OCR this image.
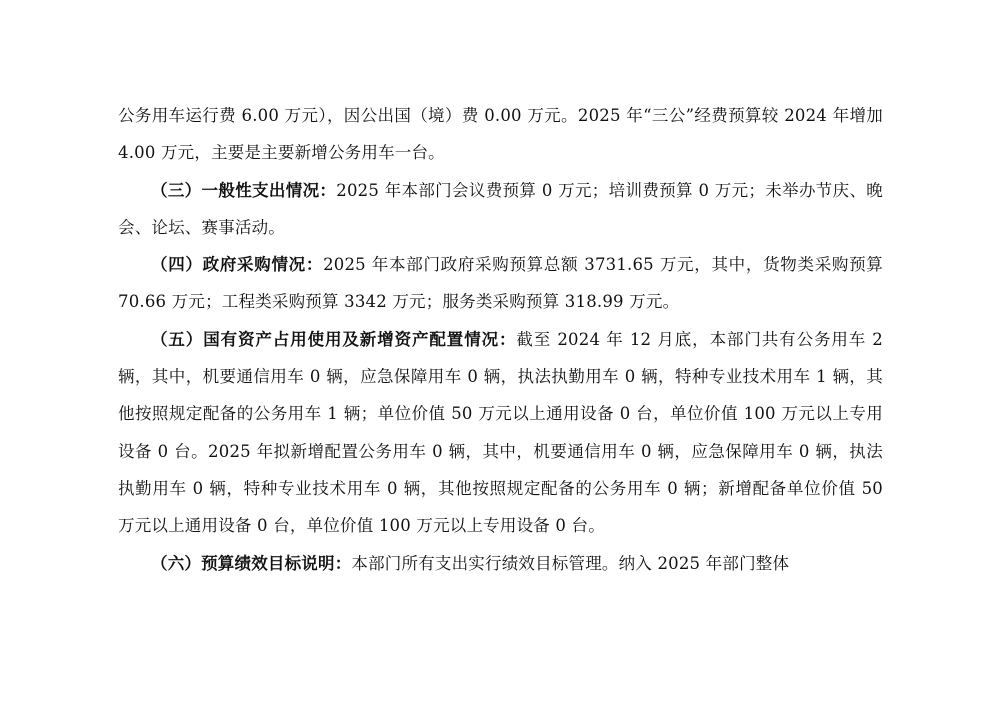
公务用车运行费 6.00 万元），因公出国（境）费 0.00 万元。2025 年“三公”经费预算较 2024 年增加 4.00 万元，主要是主要新增公务用车一台。

（三）一般性支出情况：2025 年本部门会议费预算 0 万元；培训费预算 0 万元；未举办节庆、晚会、论坛、赛事活动。

（四）政府采购情况：2025 年本部门政府采购预算总额 3731.65 万元，其中，货物类采购预算 70.66 万元；工程类采购预算 3342 万元；服务类采购预算 318.99 万元。

（五）国有资产占用使用及新增资产配置情况：截至 2024 年 12 月底，本部门共有公务用车 2 辆，其中，机要通信用车 0 辆，应急保障用车 0 辆，执法执勤用车 0 辆，特种专业技术用车 1 辆，其他按照规定配备的公务用车 1 辆；单位价值 50 万元以上通用设备 0 台，单位价值 100 万元以上专用设备 0 台。2025 年拟新增配置公务用车 0 辆，其中，机要通信用车 0 辆，应急保障用车 0 辆，执法执勤用车 0 辆，特种专业技术用车 0 辆，其他按照规定配备的公务用车 0 辆；新增配备单位价值 50 万元以上通用设备 0 台，单位价值 100 万元以上专用设备 0 台。

（六）预算绩效目标说明：本部门所有支出实行绩效目标管理。纳入 2025 年部门整体
